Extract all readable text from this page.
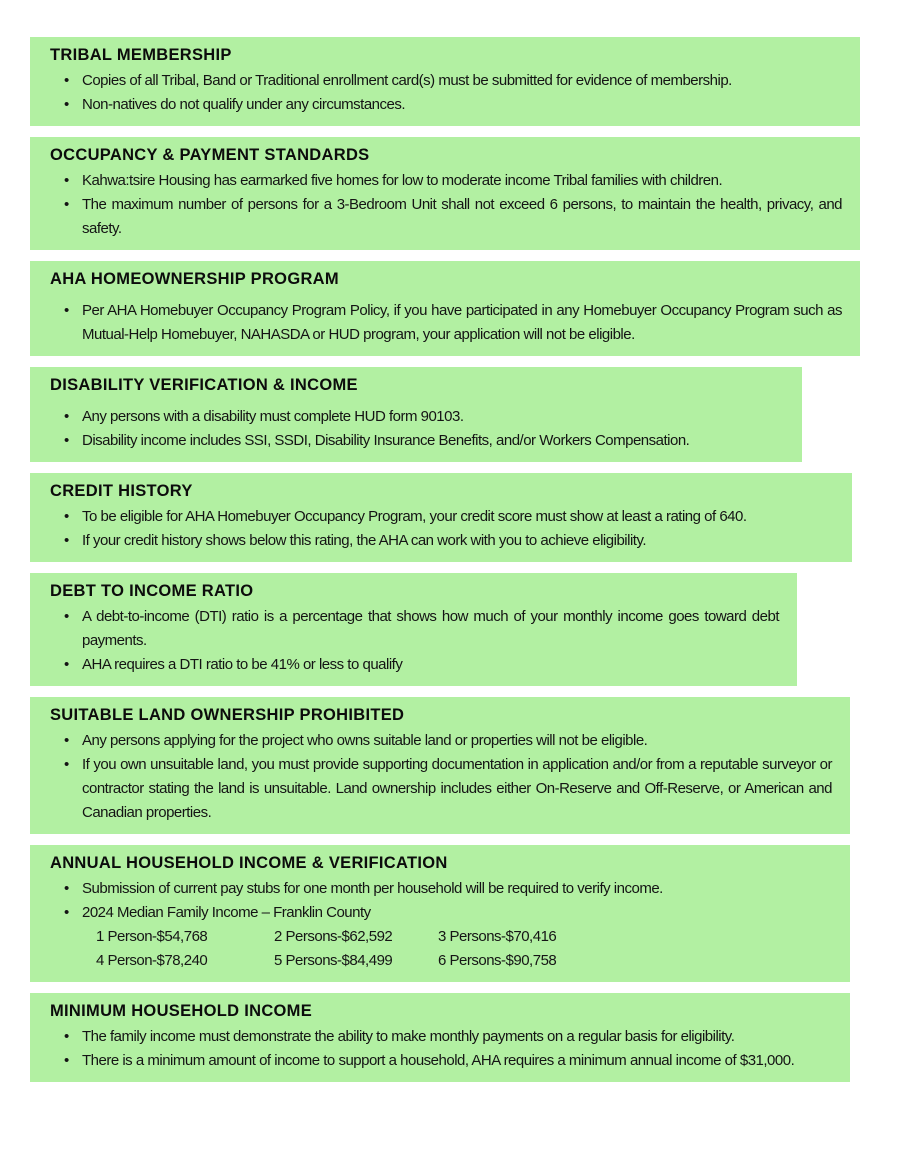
TRIBAL MEMBERSHIP
• Copies of all Tribal, Band or Traditional enrollment card(s) must be submitted for evidence of membership.
• Non-natives do not qualify under any circumstances.
OCCUPANCY & PAYMENT STANDARDS
• Kahwa:tsire Housing has earmarked five homes for low to moderate income Tribal families with children.
• The maximum number of persons for a 3-Bedroom Unit shall not exceed 6 persons, to maintain the health, privacy, and safety.
AHA HOMEOWNERSHIP PROGRAM
• Per AHA Homebuyer Occupancy Program Policy, if you have participated in any Homebuyer Occupancy Program such as Mutual-Help Homebuyer, NAHASDA or HUD program, your application will not be eligible.
DISABILITY VERIFICATION & INCOME
• Any persons with a disability must complete HUD form 90103.
• Disability income includes SSI, SSDI, Disability Insurance Benefits, and/or Workers Compensation.
CREDIT HISTORY
• To be eligible for AHA Homebuyer Occupancy Program, your credit score must show at least a rating of 640.
• If your credit history shows below this rating, the AHA can work with you to achieve eligibility.
DEBT TO INCOME RATIO
• A debt-to-income (DTI) ratio is a percentage that shows how much of your monthly income goes toward debt payments.
• AHA requires a DTI ratio to be 41% or less to qualify
SUITABLE LAND OWNERSHIP PROHIBITED
• Any persons applying for the project who owns suitable land or properties will not be eligible.
• If you own unsuitable land, you must provide supporting documentation in application and/or from a reputable surveyor or contractor stating the land is unsuitable. Land ownership includes either On-Reserve and Off-Reserve, or American and Canadian properties.
ANNUAL HOUSEHOLD INCOME & VERIFICATION
• Submission of current pay stubs for one month per household will be required to verify income.
• 2024 Median Family Income – Franklin County
1 Person-$54,768	2 Persons-$62,592	3 Persons-$70,416
4 Person-$78,240	5 Persons-$84,499	6 Persons-$90,758
MINIMUM HOUSEHOLD INCOME
• The family income must demonstrate the ability to make monthly payments on a regular basis for eligibility.
• There is a minimum amount of income to support a household, AHA requires a minimum annual income of $31,000.
